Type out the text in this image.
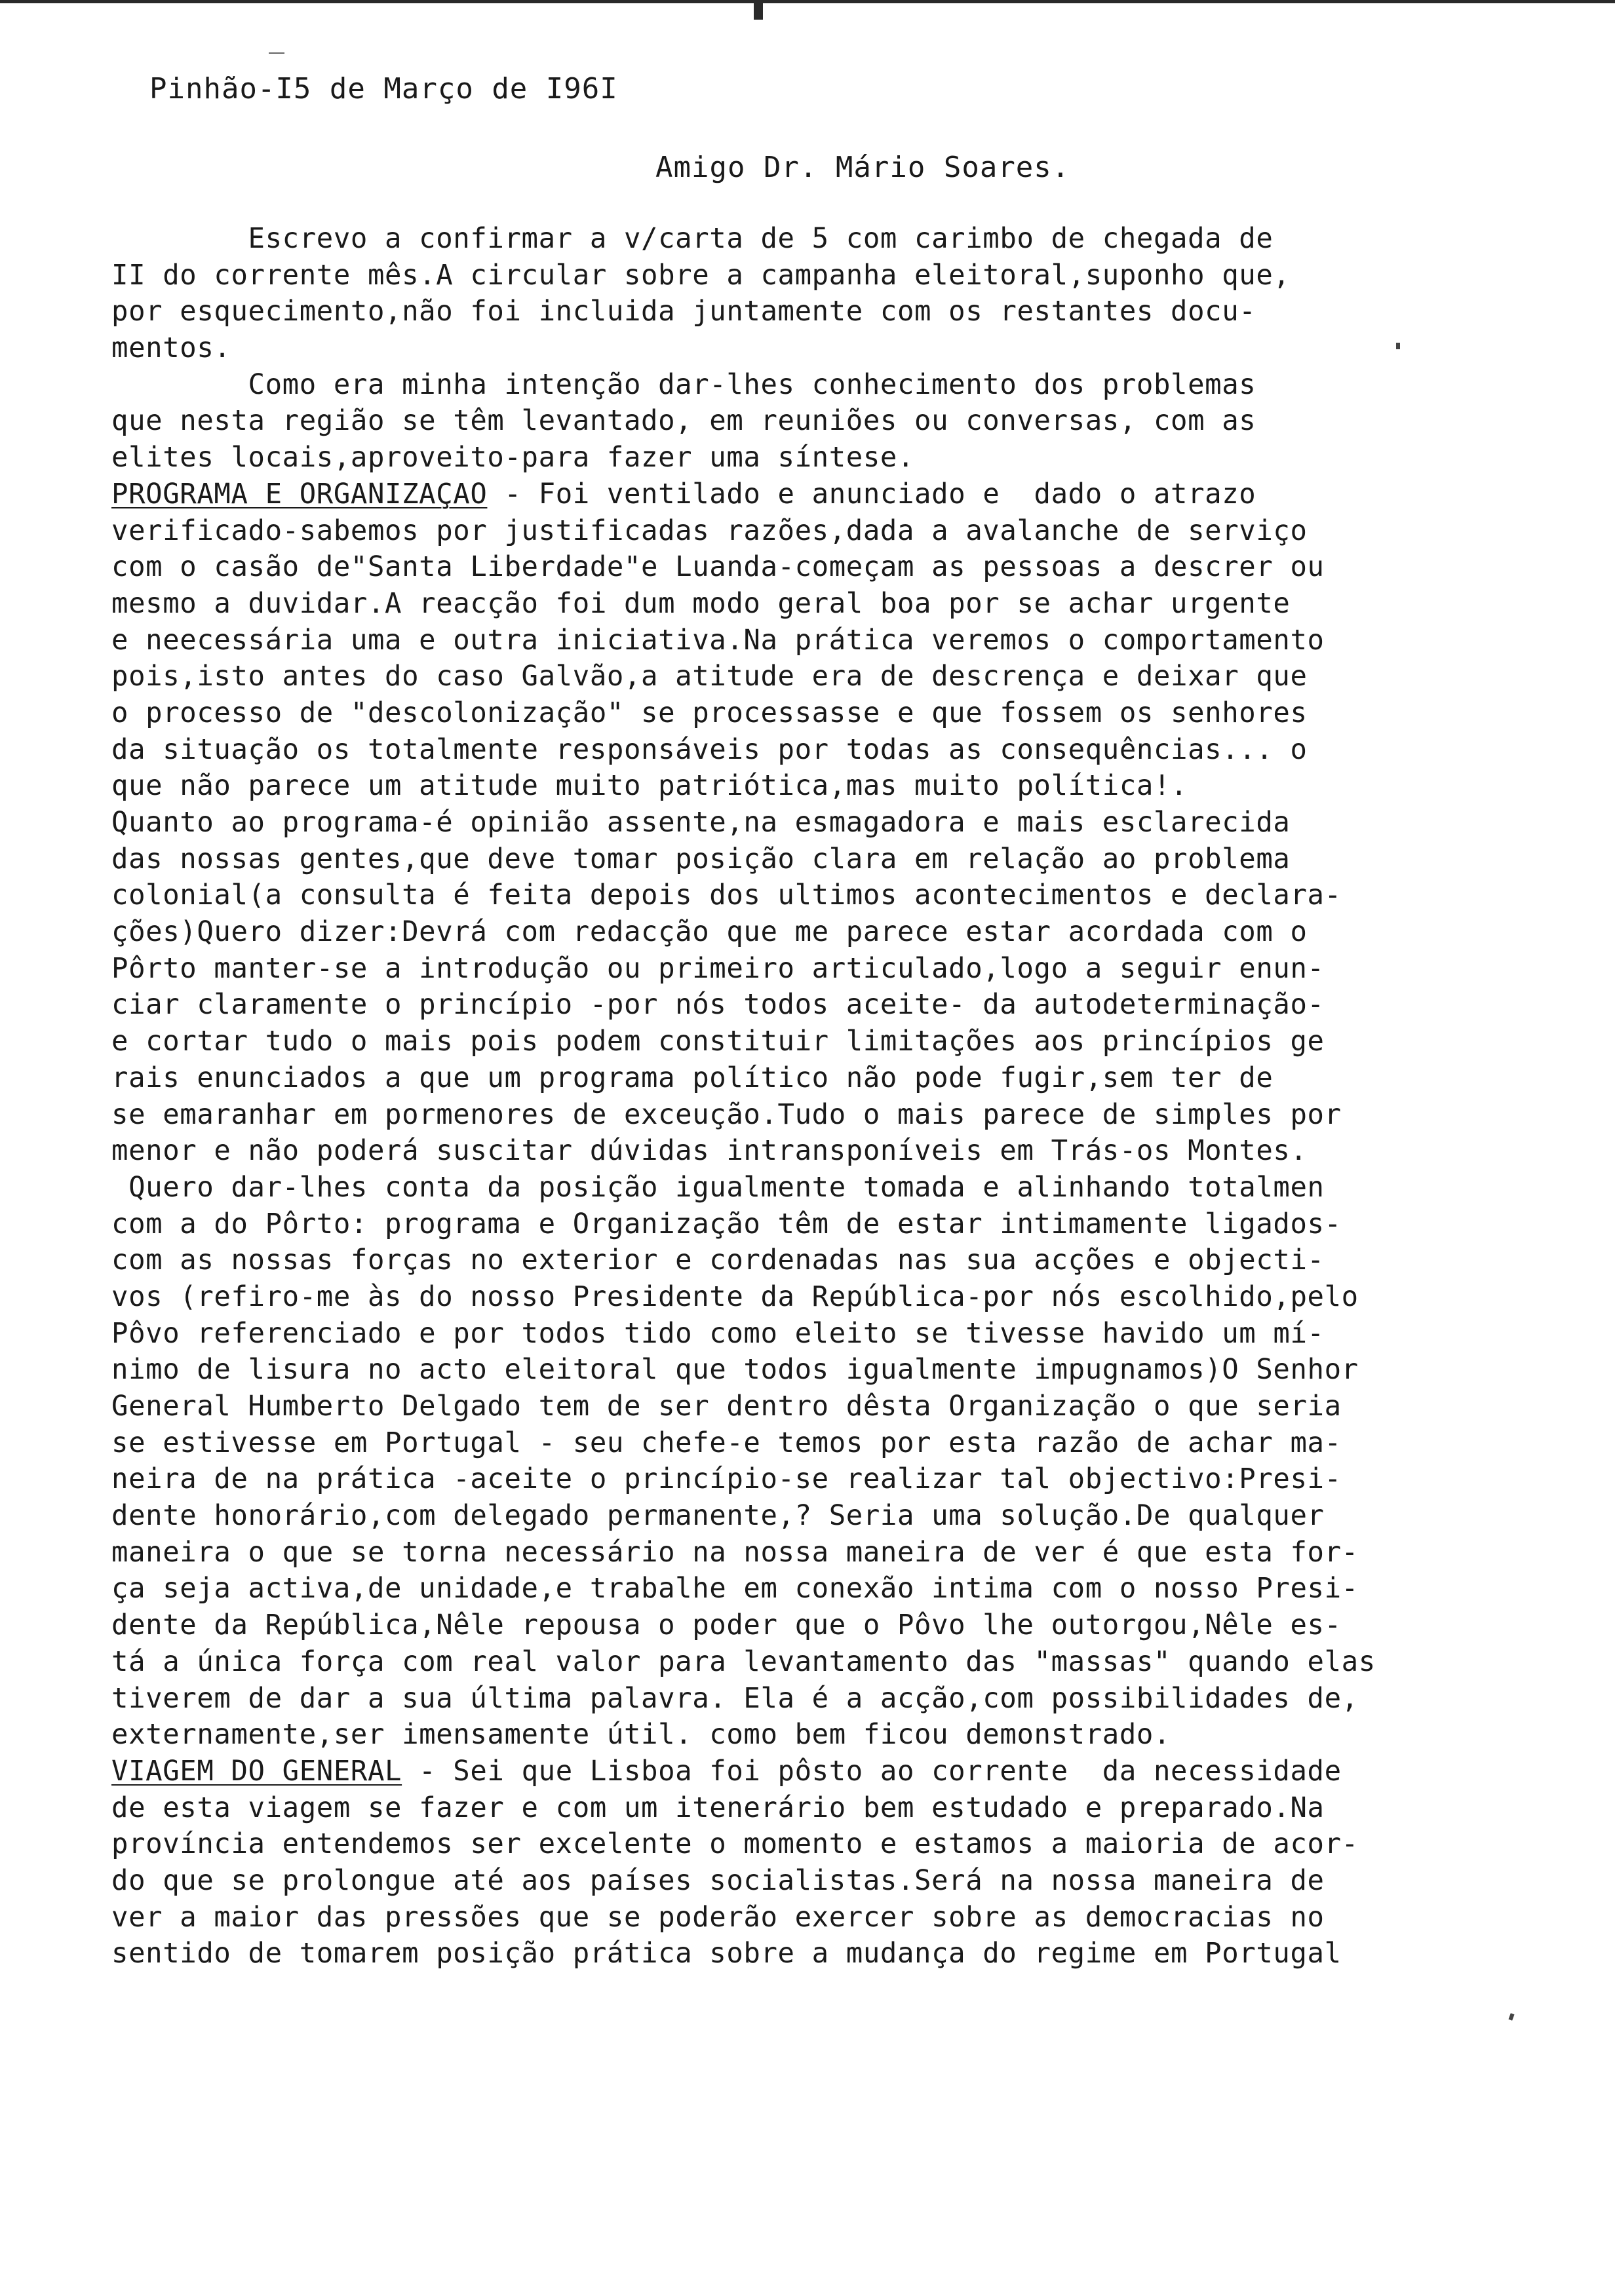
Pinhão-I5 de Março de I96I
Amigo Dr. Mário Soares.
Escrevo a confirmar a v/carta de 5 com carimbo de chegada de
II do corrente mês.A circular sobre a campanha eleitoral,suponho que,
por esquecimento,não foi incluida juntamente com os restantes docu-
mentos.
Como era minha intenção dar-lhes conhecimento dos problemas
que nesta região se têm levantado, em reuniões ou conversas, com as
elites locais,aproveito-para fazer uma síntese.
PROGRAMA E ORGANIZAÇAO - Foi ventilado e anunciado e  dado o atrazo
verificado-sabemos por justificadas razões,dada a avalanche de serviço
com o casão de"Santa Liberdade"e Luanda-começam as pessoas a descrer ou
mesmo a duvidar.A reacção foi dum modo geral boa por se achar urgente
e neecessária uma e outra iniciativa.Na prática veremos o comportamento
pois,isto antes do caso Galvão,a atitude era de descrença e deixar que
o processo de "descolonização" se processasse e que fossem os senhores
da situação os totalmente responsáveis por todas as consequências... o
que não parece um atitude muito patriótica,mas muito política!.
Quanto ao programa-é opinião assente,na esmagadora e mais esclarecida
das nossas gentes,que deve tomar posição clara em relação ao problema
colonial(a consulta é feita depois dos ultimos acontecimentos e declara-
ções)Quero dizer:Devrá com redacção que me parece estar acordada com o
Pôrto manter-se a introdução ou primeiro articulado,logo a seguir enun-
ciar claramente o princípio -por nós todos aceite- da autodeterminação-
e cortar tudo o mais pois podem constituir limitações aos princípios ge
rais enunciados a que um programa político não pode fugir,sem ter de
se emaranhar em pormenores de exceução.Tudo o mais parece de simples por
menor e não poderá suscitar dúvidas intransponíveis em Trás-os Montes.
Quero dar-lhes conta da posição igualmente tomada e alinhando totalmen
com a do Pôrto: programa e Organização têm de estar intimamente ligados-
com as nossas forças no exterior e cordenadas nas sua acções e objecti-
vos (refiro-me às do nosso Presidente da República-por nós escolhido,pelo
Pôvo referenciado e por todos tido como eleito se tivesse havido um mí-
nimo de lisura no acto eleitoral que todos igualmente impugnamos)O Senhor
General Humberto Delgado tem de ser dentro dêsta Organização o que seria
se estivesse em Portugal - seu chefe-e temos por esta razão de achar ma-
neira de na prática -aceite o princípio-se realizar tal objectivo:Presi-
dente honorário,com delegado permanente,? Seria uma solução.De qualquer
maneira o que se torna necessário na nossa maneira de ver é que esta for-
ça seja activa,de unidade,e trabalhe em conexão intima com o nosso Presi-
dente da República,Nêle repousa o poder que o Pôvo lhe outorgou,Nêle es-
tá a única força com real valor para levantamento das "massas" quando elas
tiverem de dar a sua última palavra. Ela é a acção,com possibilidades de,
externamente,ser imensamente útil. como bem ficou demonstrado.
VIAGEM DO GENERAL - Sei que Lisboa foi pôsto ao corrente  da necessidade
de esta viagem se fazer e com um itenerário bem estudado e preparado.Na
província entendemos ser excelente o momento e estamos a maioria de acor-
do que se prolongue até aos países socialistas.Será na nossa maneira de
ver a maior das pressões que se poderão exercer sobre as democracias no
sentido de tomarem posição prática sobre a mudança do regime em Portugal
